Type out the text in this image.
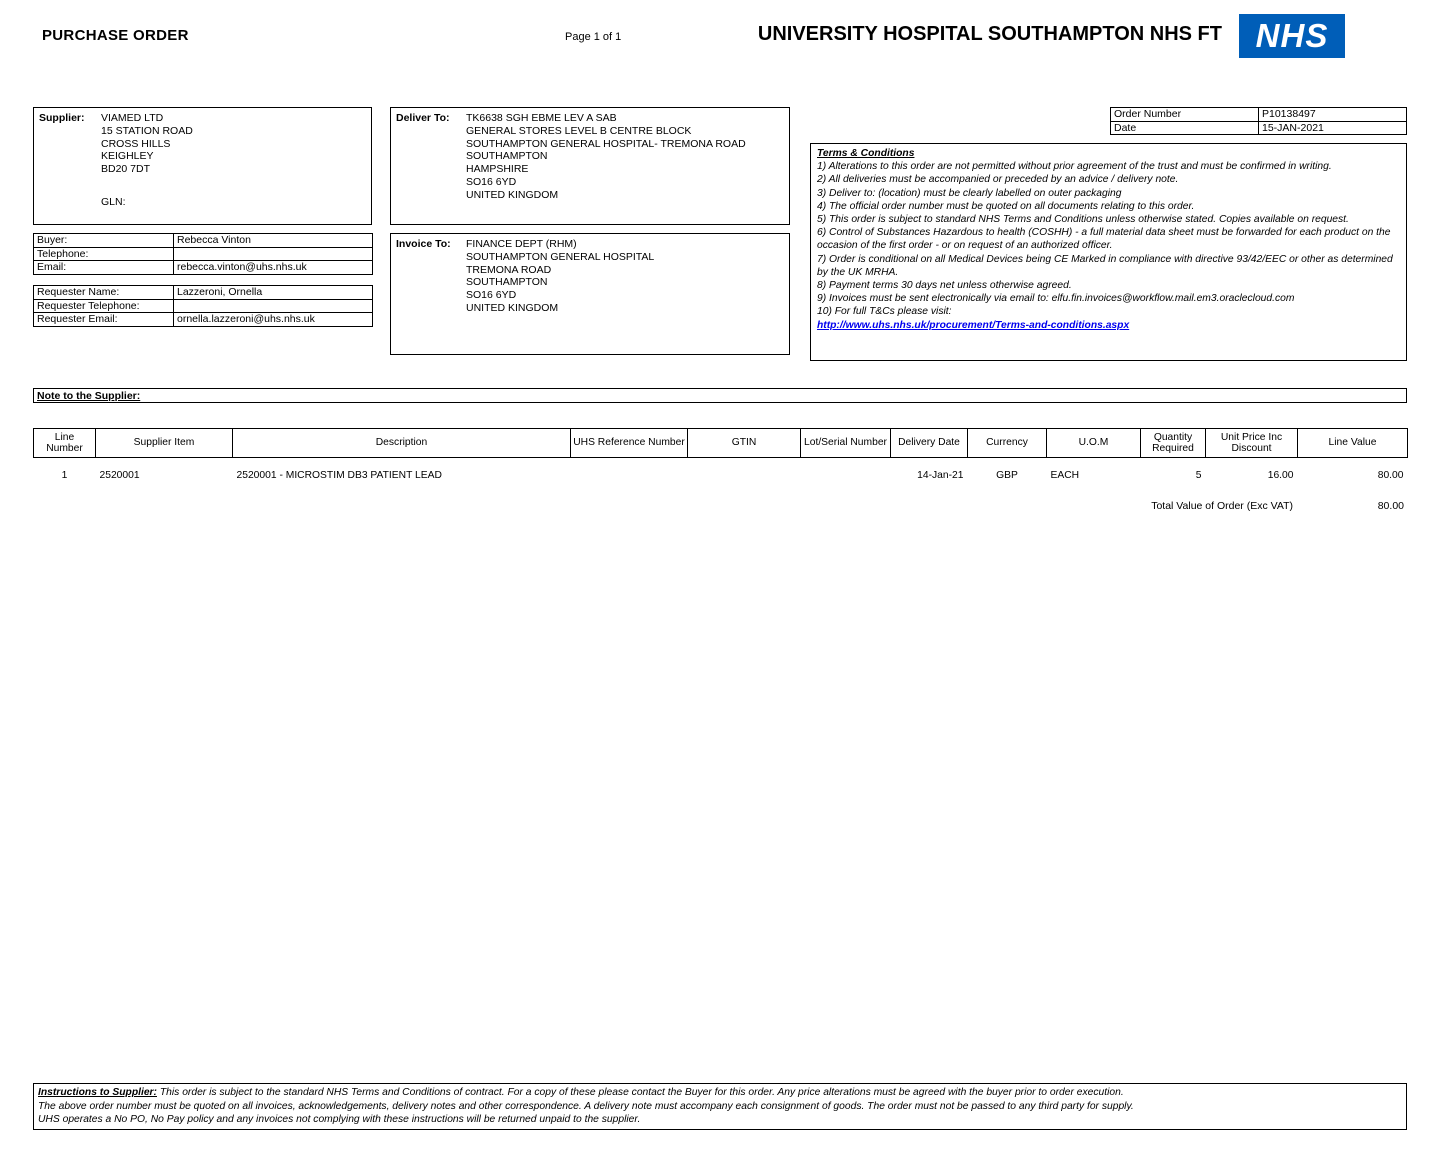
PURCHASE ORDER	Page 1 of 1	UNIVERSITY HOSPITAL SOUTHAMPTON NHS FT NHS
Supplier: VIAMED LTD
15 STATION ROAD
CROSS HILLS
KEIGHLEY
BD20 7DT
GLN:
Deliver To: TK6638 SGH EBME LEV A SAB
GENERAL STORES LEVEL B CENTRE BLOCK
SOUTHAMPTON GENERAL HOSPITAL- TREMONA ROAD
SOUTHAMPTON
HAMPSHIRE
SO16 6YD
UNITED KINGDOM
Order Number	P10138497
Date	15-JAN-2021
Terms & Conditions
1) Alterations to this order are not permitted without prior agreement of the trust and must be confirmed in writing.
2) All deliveries must be accompanied or preceded by an advice / delivery note.
3) Deliver to: (location) must be clearly labelled on outer packaging
4) The official order number must be quoted on all documents relating to this order.
5) This order is subject to standard NHS Terms and Conditions unless otherwise stated. Copies available on request.
6) Control of Substances Hazardous to health (COSHH) - a full material data sheet must be forwarded for each product on the occasion of the first order - or on request of an authorized officer.
7) Order is conditional on all Medical Devices being CE Marked in compliance with directive 93/42/EEC or other as determined by the UK MRHA.
8) Payment terms 30 days net unless otherwise agreed.
9) Invoices must be sent electronically via email to: elfu.fin.invoices@workflow.mail.em3.oraclecloud.com
10) For full T&Cs please visit:
http://www.uhs.nhs.uk/procurement/Terms-and-conditions.aspx
Buyer:	Rebecca Vinton
Telephone:	
Email:	rebecca.vinton@uhs.nhs.uk
Requester Name:	Lazzeroni, Ornella
Requester Telephone:	
Requester Email:	ornella.lazzeroni@uhs.nhs.uk
Invoice To: FINANCE DEPT (RHM)
SOUTHAMPTON GENERAL HOSPITAL
TREMONA ROAD
SOUTHAMPTON
SO16 6YD
UNITED KINGDOM
Note to the Supplier:
Line Number	Supplier Item	Description	UHS Reference Number	GTIN	Lot/Serial Number	Delivery Date	Currency	U.O.M	Quantity Required	Unit Price Inc Discount	Line Value
1	2520001	2520001 - MICROSTIM DB3 PATIENT LEAD				14-Jan-21	GBP	EACH	5	16.00	80.00
Total Value of Order (Exc VAT)	80.00
Instructions to Supplier: This order is subject to the standard NHS Terms and Conditions of contract. For a copy of these please contact the Buyer for this order. Any price alterations must be agreed with the buyer prior to order execution.
The above order number must be quoted on all invoices, acknowledgements, delivery notes and other correspondence. A delivery note must accompany each consignment of goods. The order must not be passed to any third party for supply.
UHS operates a No PO, No Pay policy and any invoices not complying with these instructions will be returned unpaid to the supplier.
